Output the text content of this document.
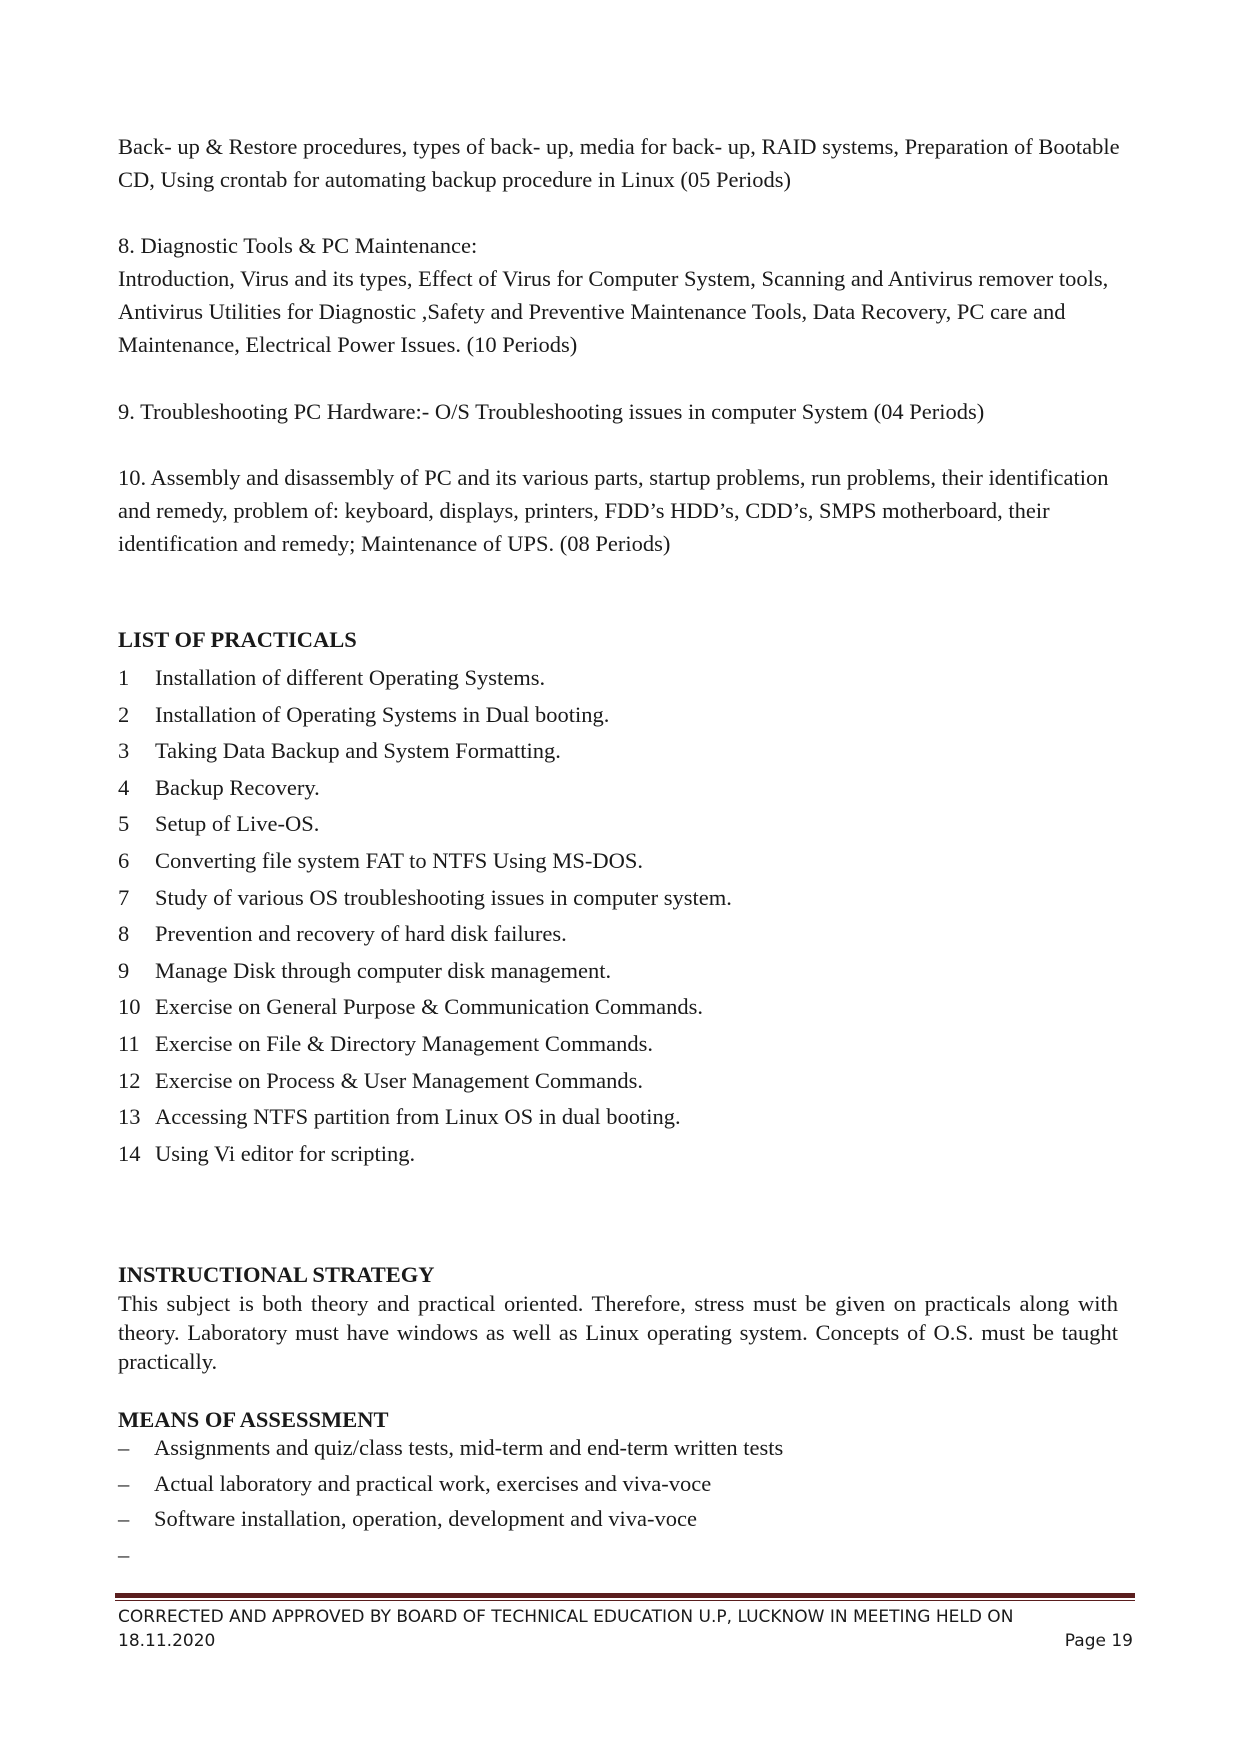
Back- up & Restore procedures, types of back- up, media for back- up, RAID systems, Preparation of Bootable CD, Using crontab for automating backup procedure in Linux (05 Periods)

8. Diagnostic Tools & PC Maintenance:
Introduction, Virus and its types, Effect of Virus for Computer System, Scanning and Antivirus remover tools, Antivirus Utilities for Diagnostic ,Safety and Preventive Maintenance Tools, Data Recovery, PC care and Maintenance, Electrical Power Issues. (10 Periods)

9. Troubleshooting PC Hardware:- O/S Troubleshooting issues in computer System (04 Periods)

10. Assembly and disassembly of PC and its various parts, startup problems, run problems, their identification and remedy, problem of: keyboard, displays, printers, FDD’s HDD’s, CDD’s, SMPS motherboard, their identification and remedy; Maintenance of UPS. (08 Periods)

LIST OF PRACTICALS
1	Installation of different Operating Systems.
2	Installation of Operating Systems in Dual booting.
3	Taking Data Backup and System Formatting.
4	Backup Recovery.
5	Setup of Live-OS.
6	Converting file system FAT to NTFS Using MS-DOS.
7	Study of various OS troubleshooting issues in computer system.
8	Prevention and recovery of hard disk failures.
9	Manage Disk through computer disk management.
10 Exercise on General Purpose & Communication Commands.
11 Exercise on File & Directory Management Commands.
12 Exercise on Process & User Management Commands.
13 Accessing NTFS partition from Linux OS in dual booting.
14 Using Vi editor for scripting.
INSTRUCTIONAL STRATEGY

This subject is both theory and practical oriented. Therefore, stress must be given on practicals along with theory. Laboratory must have windows as well as Linux operating system. Concepts of O.S. must be taught practically.

MEANS OF ASSESSMENT
–	Assignments and quiz/class tests, mid-term and end-term written tests
–	Actual laboratory and practical work, exercises and viva-voce
–	Software installation, operation, development and viva-voce
–
CORRECTED AND APPROVED BY BOARD OF TECHNICAL EDUCATION U.P, LUCKNOW IN MEETING HELD ON
18.11.2020	Page 19
